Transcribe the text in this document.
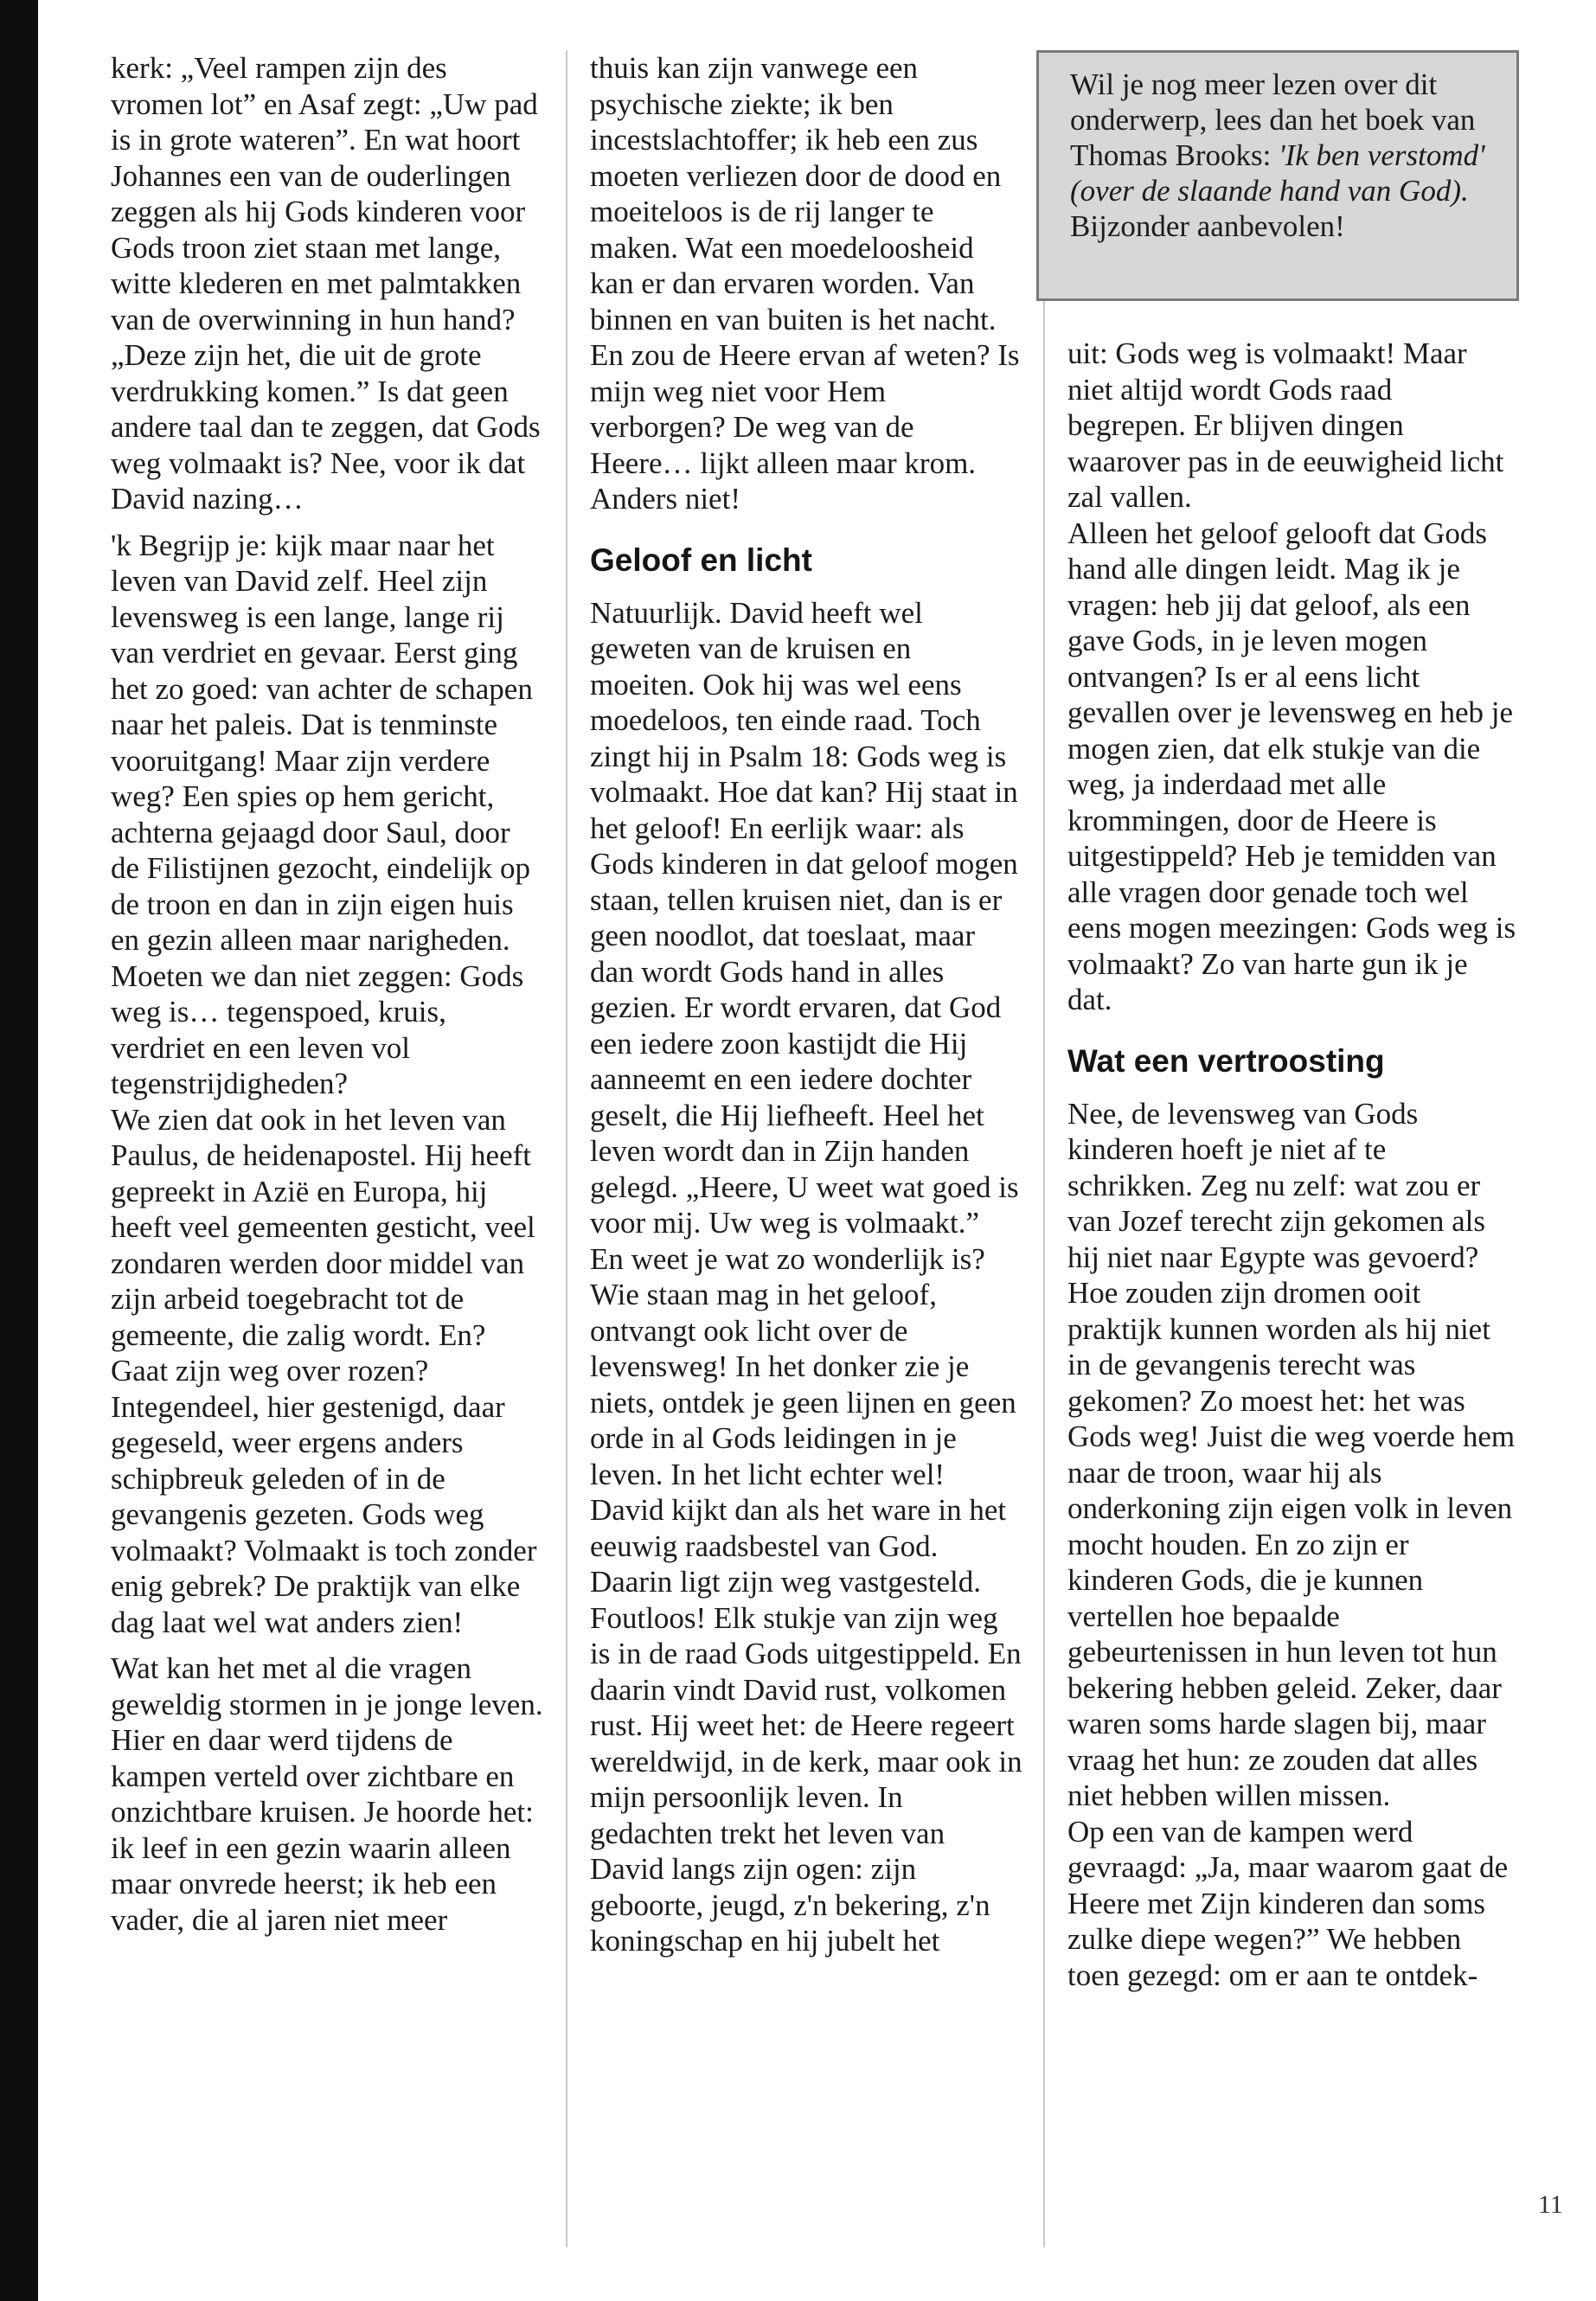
kerk: „Veel rampen zijn des vromen lot” en Asaf zegt: „Uw pad is in grote wateren”. En wat hoort Johannes een van de ouderlingen zeggen als hij Gods kinderen voor Gods troon ziet staan met lange, witte klederen en met palmtakken van de overwinning in hun hand? „Deze zijn het, die uit de grote verdrukking komen.” Is dat geen andere taal dan te zeggen, dat Gods weg volmaakt is? Nee, voor ik dat David nazing…

'k Begrijp je: kijk maar naar het leven van David zelf. Heel zijn levensweg is een lange, lange rij van verdriet en gevaar. Eerst ging het zo goed: van achter de schapen naar het paleis. Dat is tenminste vooruitgang! Maar zijn verdere weg? Een spies op hem gericht, achterna gejaagd door Saul, door de Filistijnen gezocht, eindelijk op de troon en dan in zijn eigen huis en gezin alleen maar narigheden. Moeten we dan niet zeggen: Gods weg is… tegenspoed, kruis, verdriet en een leven vol tegenstrijdigheden?

We zien dat ook in het leven van Paulus, de heidenapostel. Hij heeft gepreekt in Azië en Europa, hij heeft veel gemeenten gesticht, veel zondaren werden door middel van zijn arbeid toegebracht tot de gemeente, die zalig wordt. En? Gaat zijn weg over rozen? Integendeel, hier gestenigd, daar gegeseld, weer ergens anders schipbreuk geleden of in de gevangenis gezeten. Gods weg volmaakt? Volmaakt is toch zonder enig gebrek? De praktijk van elke dag laat wel wat anders zien!

Wat kan het met al die vragen geweldig stormen in je jonge leven. Hier en daar werd tijdens de kampen verteld over zichtbare en onzichtbare kruisen. Je hoorde het: ik leef in een gezin waarin alleen maar onvrede heerst; ik heb een vader, die al jaren niet meer

thuis kan zijn vanwege een psychische ziekte; ik ben incestslachtoffer; ik heb een zus moeten verliezen door de dood en moeiteloos is de rij langer te maken. Wat een moedeloosheid kan er dan ervaren worden. Van binnen en van buiten is het nacht. En zou de Heere ervan af weten? Is mijn weg niet voor Hem verborgen? De weg van de Heere… lijkt alleen maar krom. Anders niet!

Geloof en licht

Natuurlijk. David heeft wel geweten van de kruisen en moeiten. Ook hij was wel eens moedeloos, ten einde raad. Toch zingt hij in Psalm 18: Gods weg is volmaakt. Hoe dat kan? Hij staat in het geloof! En eerlijk waar: als Gods kinderen in dat geloof mogen staan, tellen kruisen niet, dan is er geen noodlot, dat toeslaat, maar dan wordt Gods hand in alles gezien. Er wordt ervaren, dat God een iedere zoon kastijdt die Hij aanneemt en een iedere dochter geselt, die Hij liefheeft. Heel het leven wordt dan in Zijn handen gelegd. „Heere, U weet wat goed is voor mij. Uw weg is volmaakt.”

En weet je wat zo wonderlijk is? Wie staan mag in het geloof, ontvangt ook licht over de levensweg! In het donker zie je niets, ontdek je geen lijnen en geen orde in al Gods leidingen in je leven. In het licht echter wel! David kijkt dan als het ware in het eeuwig raadsbestel van God. Daarin ligt zijn weg vastgesteld. Foutloos! Elk stukje van zijn weg is in de raad Gods uitgestippeld. En daarin vindt David rust, volkomen rust. Hij weet het: de Heere regeert wereldwijd, in de kerk, maar ook in mijn persoonlijk leven. In gedachten trekt het leven van David langs zijn ogen: zijn geboorte, jeugd, z'n bekering, z'n koningschap en hij jubelt het

Wil je nog meer lezen over dit onderwerp, lees dan het boek van Thomas Brooks: 'Ik ben verstomd' (over de slaande hand van God). Bijzonder aanbevolen!

uit: Gods weg is volmaakt! Maar niet altijd wordt Gods raad begrepen. Er blijven dingen waarover pas in de eeuwigheid licht zal vallen.

Alleen het geloof gelooft dat Gods hand alle dingen leidt. Mag ik je vragen: heb jij dat geloof, als een gave Gods, in je leven mogen ontvangen? Is er al eens licht gevallen over je levensweg en heb je mogen zien, dat elk stukje van die weg, ja inderdaad met alle krommingen, door de Heere is uitgestippeld? Heb je temidden van alle vragen door genade toch wel eens mogen meezingen: Gods weg is volmaakt? Zo van harte gun ik je dat.

Wat een vertroosting

Nee, de levensweg van Gods kinderen hoeft je niet af te schrikken. Zeg nu zelf: wat zou er van Jozef terecht zijn gekomen als hij niet naar Egypte was gevoerd? Hoe zouden zijn dromen ooit praktijk kunnen worden als hij niet in de gevangenis terecht was gekomen? Zo moest het: het was Gods weg! Juist die weg voerde hem naar de troon, waar hij als onderkoning zijn eigen volk in leven mocht houden. En zo zijn er kinderen Gods, die je kunnen vertellen hoe bepaalde gebeurtenissen in hun leven tot hun bekering hebben geleid. Zeker, daar waren soms harde slagen bij, maar vraag het hun: ze zouden dat alles niet hebben willen missen.

Op een van de kampen werd gevraagd: „Ja, maar waarom gaat de Heere met Zijn kinderen dan soms zulke diepe wegen?” We hebben toen gezegd: om er aan te ontdek-

11
